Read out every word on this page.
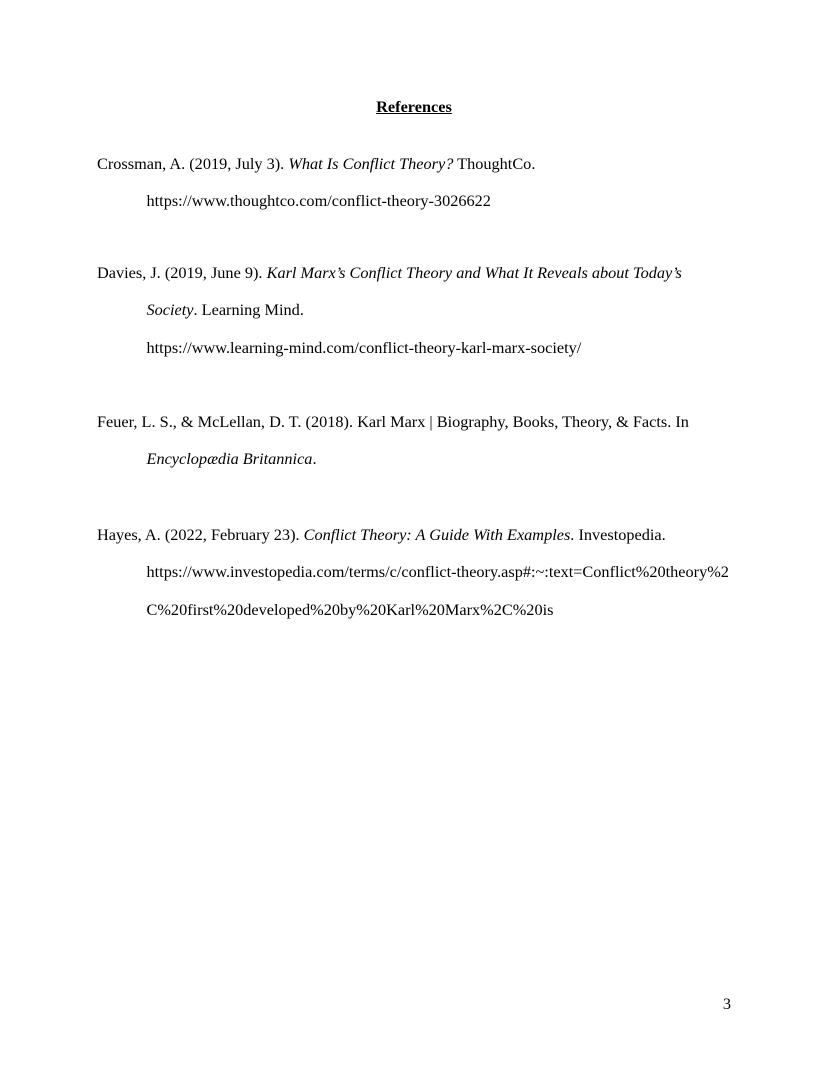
References
Crossman, A. (2019, July 3). What Is Conflict Theory? ThoughtCo.
https://www.thoughtco.com/conflict-theory-3026622
Davies, J. (2019, June 9). Karl Marx’s Conflict Theory and What It Reveals about Today’s
Society. Learning Mind.
https://www.learning-mind.com/conflict-theory-karl-marx-society/
Feuer, L. S., & McLellan, D. T. (2018). Karl Marx | Biography, Books, Theory, & Facts. In
Encyclopædia Britannica.
Hayes, A. (2022, February 23). Conflict Theory: A Guide With Examples. Investopedia.
https://www.investopedia.com/terms/c/conflict-theory.asp#:~:text=Conflict%20theory%2
C%20first%20developed%20by%20Karl%20Marx%2C%20is
3
